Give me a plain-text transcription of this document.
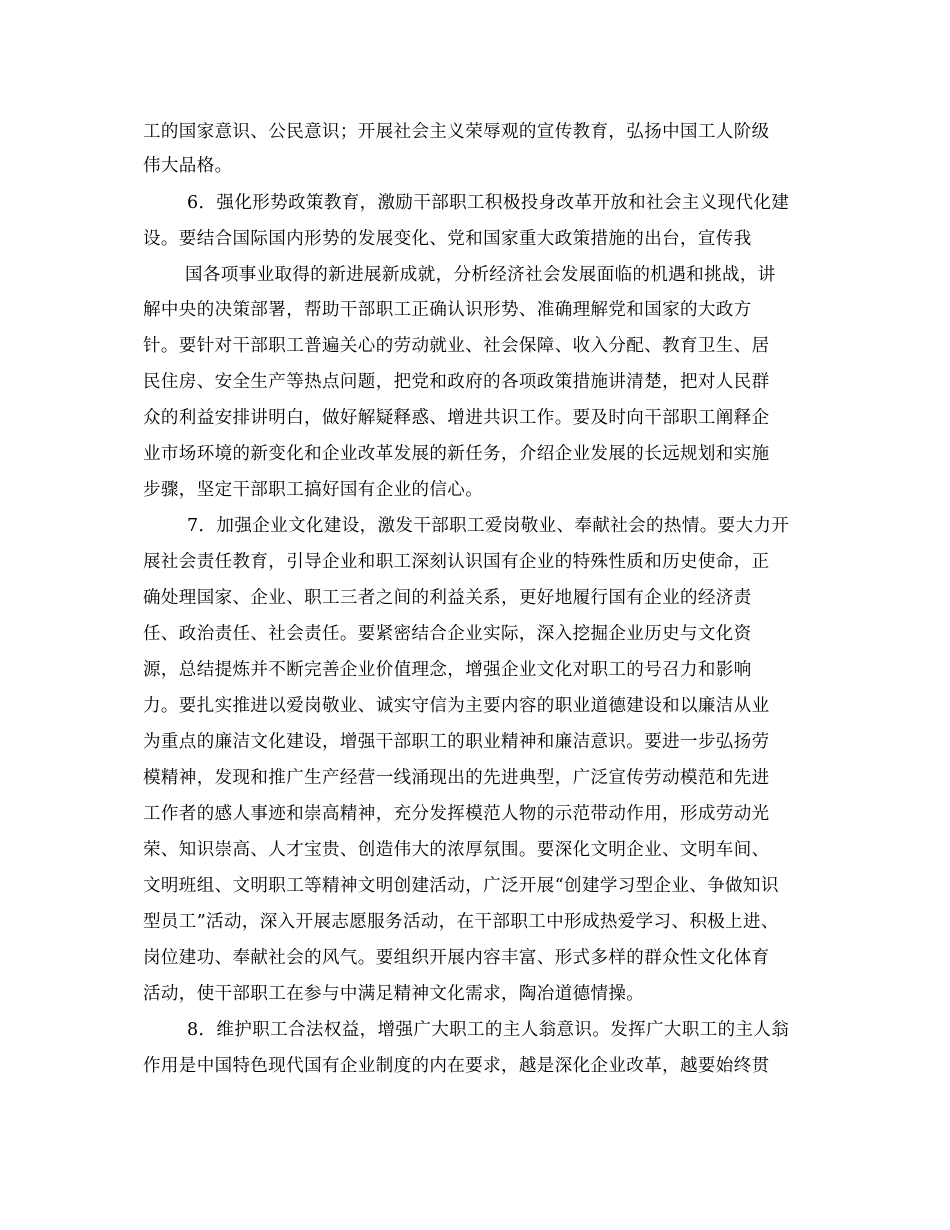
工的国家意识、公民意识；开展社会主义荣辱观的宣传教育，弘扬中国工人阶级
伟大品格。
6．强化形势政策教育，激励干部职工积极投身改革开放和社会主义现代化建
设。要结合国际国内形势的发展变化、党和国家重大政策措施的出台，宣传我
国各项事业取得的新进展新成就，分析经济社会发展面临的机遇和挑战，讲
解中央的决策部署，帮助干部职工正确认识形势、准确理解党和国家的大政方
针。要针对干部职工普遍关心的劳动就业、社会保障、收入分配、教育卫生、居
民住房、安全生产等热点问题，把党和政府的各项政策措施讲清楚，把对人民群
众的利益安排讲明白，做好解疑释惑、增进共识工作。要及时向干部职工阐释企
业市场环境的新变化和企业改革发展的新任务，介绍企业发展的长远规划和实施
步骤，坚定干部职工搞好国有企业的信心。
7．加强企业文化建设，激发干部职工爱岗敬业、奉献社会的热情。要大力开
展社会责任教育，引导企业和职工深刻认识国有企业的特殊性质和历史使命，正
确处理国家、企业、职工三者之间的利益关系，更好地履行国有企业的经济责
任、政治责任、社会责任。要紧密结合企业实际，深入挖掘企业历史与文化资
源，总结提炼并不断完善企业价值理念，增强企业文化对职工的号召力和影响
力。要扎实推进以爱岗敬业、诚实守信为主要内容的职业道德建设和以廉洁从业
为重点的廉洁文化建设，增强干部职工的职业精神和廉洁意识。要进一步弘扬劳
模精神，发现和推广生产经营一线涌现出的先进典型，广泛宣传劳动模范和先进
工作者的感人事迹和崇高精神，充分发挥模范人物的示范带动作用，形成劳动光
荣、知识崇高、人才宝贵、创造伟大的浓厚氛围。要深化文明企业、文明车间、
文明班组、文明职工等精神文明创建活动，广泛开展“创建学习型企业、争做知识
型员工”活动，深入开展志愿服务活动，在干部职工中形成热爱学习、积极上进、
岗位建功、奉献社会的风气。要组织开展内容丰富、形式多样的群众性文化体育
活动，使干部职工在参与中满足精神文化需求，陶冶道德情操。
8．维护职工合法权益，增强广大职工的主人翁意识。发挥广大职工的主人翁
作用是中国特色现代国有企业制度的内在要求，越是深化企业改革，越要始终贯
